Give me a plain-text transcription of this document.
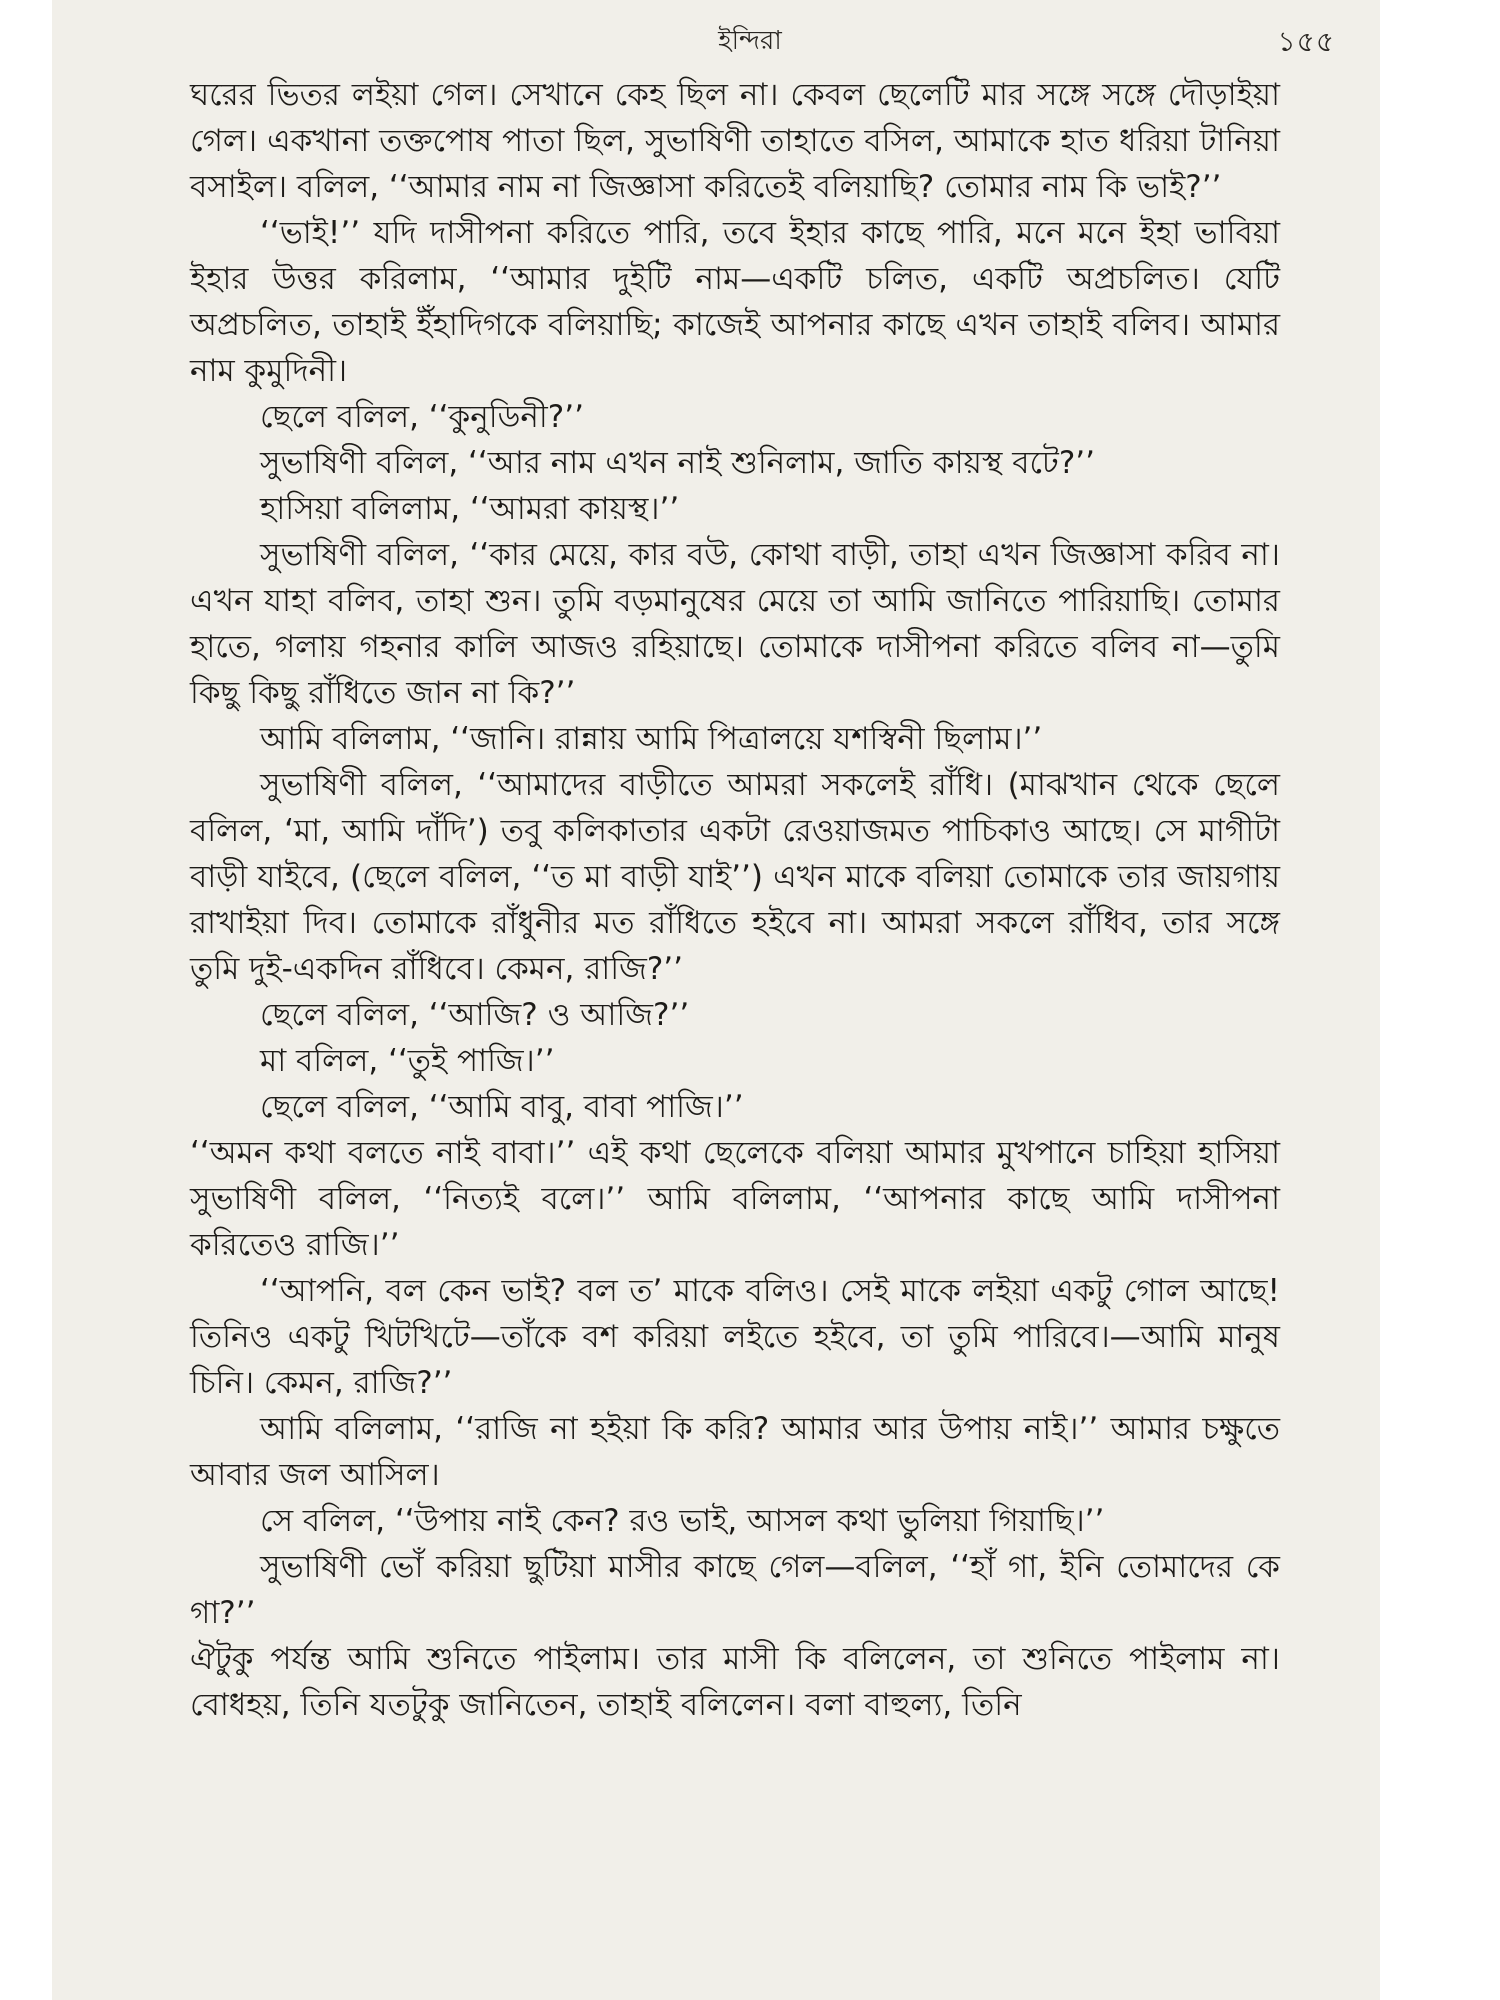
ইন্দিরা	১৫৫

ঘরের ভিতর লইয়া গেল। সেখানে কেহ ছিল না। কেবল ছেলেটি মার সঙ্গে সঙ্গে দৌড়াইয়া গেল। একখানা তক্তপোষ পাতা ছিল, সুভাষিণী তাহাতে বসিল, আমাকে হাত ধরিয়া টানিয়া বসাইল। বলিল, ‘‘আমার নাম না জিজ্ঞাসা করিতেই বলিয়াছি? তোমার নাম কি ভাই?’’

‘‘ভাই!’’ যদি দাসীপনা করিতে পারি, তবে ইহার কাছে পারি, মনে মনে ইহা ভাবিয়া ইহার উত্তর করিলাম, ‘‘আমার দুইটি নাম—একটি চলিত, একটি অপ্রচলিত। যেটি অপ্রচলিত, তাহাই ইঁহাদিগকে বলিয়াছি; কাজেই আপনার কাছে এখন তাহাই বলিব। আমার নাম কুমুদিনী।

ছেলে বলিল, ‘‘কুনুডিনী?’’

সুভাষিণী বলিল, ‘‘আর নাম এখন নাই শুনিলাম, জাতি কায়স্থ বটে?’’

হাসিয়া বলিলাম, ‘‘আমরা কায়স্থ।’’

সুভাষিণী বলিল, ‘‘কার মেয়ে, কার বউ, কোথা বাড়ী, তাহা এখন জিজ্ঞাসা করিব না। এখন যাহা বলিব, তাহা শুন। তুমি বড়মানুষের মেয়ে তা আমি জানিতে পারিয়াছি। তোমার হাতে, গলায় গহনার কালি আজও রহিয়াছে। তোমাকে দাসীপনা করিতে বলিব না—তুমি কিছু কিছু রাঁধিতে জান না কি?’’

আমি বলিলাম, ‘‘জানি। রান্নায় আমি পিত্রালয়ে যশস্বিনী ছিলাম।’’

সুভাষিণী বলিল, ‘‘আমাদের বাড়ীতে আমরা সকলেই রাঁধি। (মাঝখান থেকে ছেলে বলিল, ‘মা, আমি দাঁদি’) তবু কলিকাতার একটা রেওয়াজমত পাচিকাও আছে। সে মাগীটা বাড়ী যাইবে, (ছেলে বলিল, ‘‘ত মা বাড়ী যাই’’) এখন মাকে বলিয়া তোমাকে তার জায়গায় রাখাইয়া দিব। তোমাকে রাঁধুনীর মত রাঁধিতে হইবে না। আমরা সকলে রাঁধিব, তার সঙ্গে তুমি দুই-একদিন রাঁধিবে। কেমন, রাজি?’’

ছেলে বলিল, ‘‘আজি? ও আজি?’’

মা বলিল, ‘‘তুই পাজি।’’

ছেলে বলিল, ‘‘আমি বাবু, বাবা পাজি।’’

‘‘অমন কথা বলতে নাই বাবা।’’ এই কথা ছেলেকে বলিয়া আমার মুখপানে চাহিয়া হাসিয়া সুভাষিণী বলিল, ‘‘নিত্যই বলে।’’ আমি বলিলাম, ‘‘আপনার কাছে আমি দাসীপনা করিতেও রাজি।’’

‘‘আপনি, বল কেন ভাই? বল ত’ মাকে বলিও। সেই মাকে লইয়া একটু গোল আছে! তিনিও একটু খিটখিটে—তাঁকে বশ করিয়া লইতে হইবে, তা তুমি পারিবে।—আমি মানুষ চিনি। কেমন, রাজি?’’

আমি বলিলাম, ‘‘রাজি না হইয়া কি করি? আমার আর উপায় নাই।’’ আমার চক্ষুতে আবার জল আসিল।

সে বলিল, ‘‘উপায় নাই কেন? রও ভাই, আসল কথা ভুলিয়া গিয়াছি।’’

সুভাষিণী ভোঁ করিয়া ছুটিয়া মাসীর কাছে গেল—বলিল, ‘‘হাঁ গা, ইনি তোমাদের কে গা?’’

ঐটুকু পর্যন্ত আমি শুনিতে পাইলাম। তার মাসী কি বলিলেন, তা শুনিতে পাইলাম না। বোধহয়, তিনি যতটুকু জানিতেন, তাহাই বলিলেন। বলা বাহুল্য, তিনি
